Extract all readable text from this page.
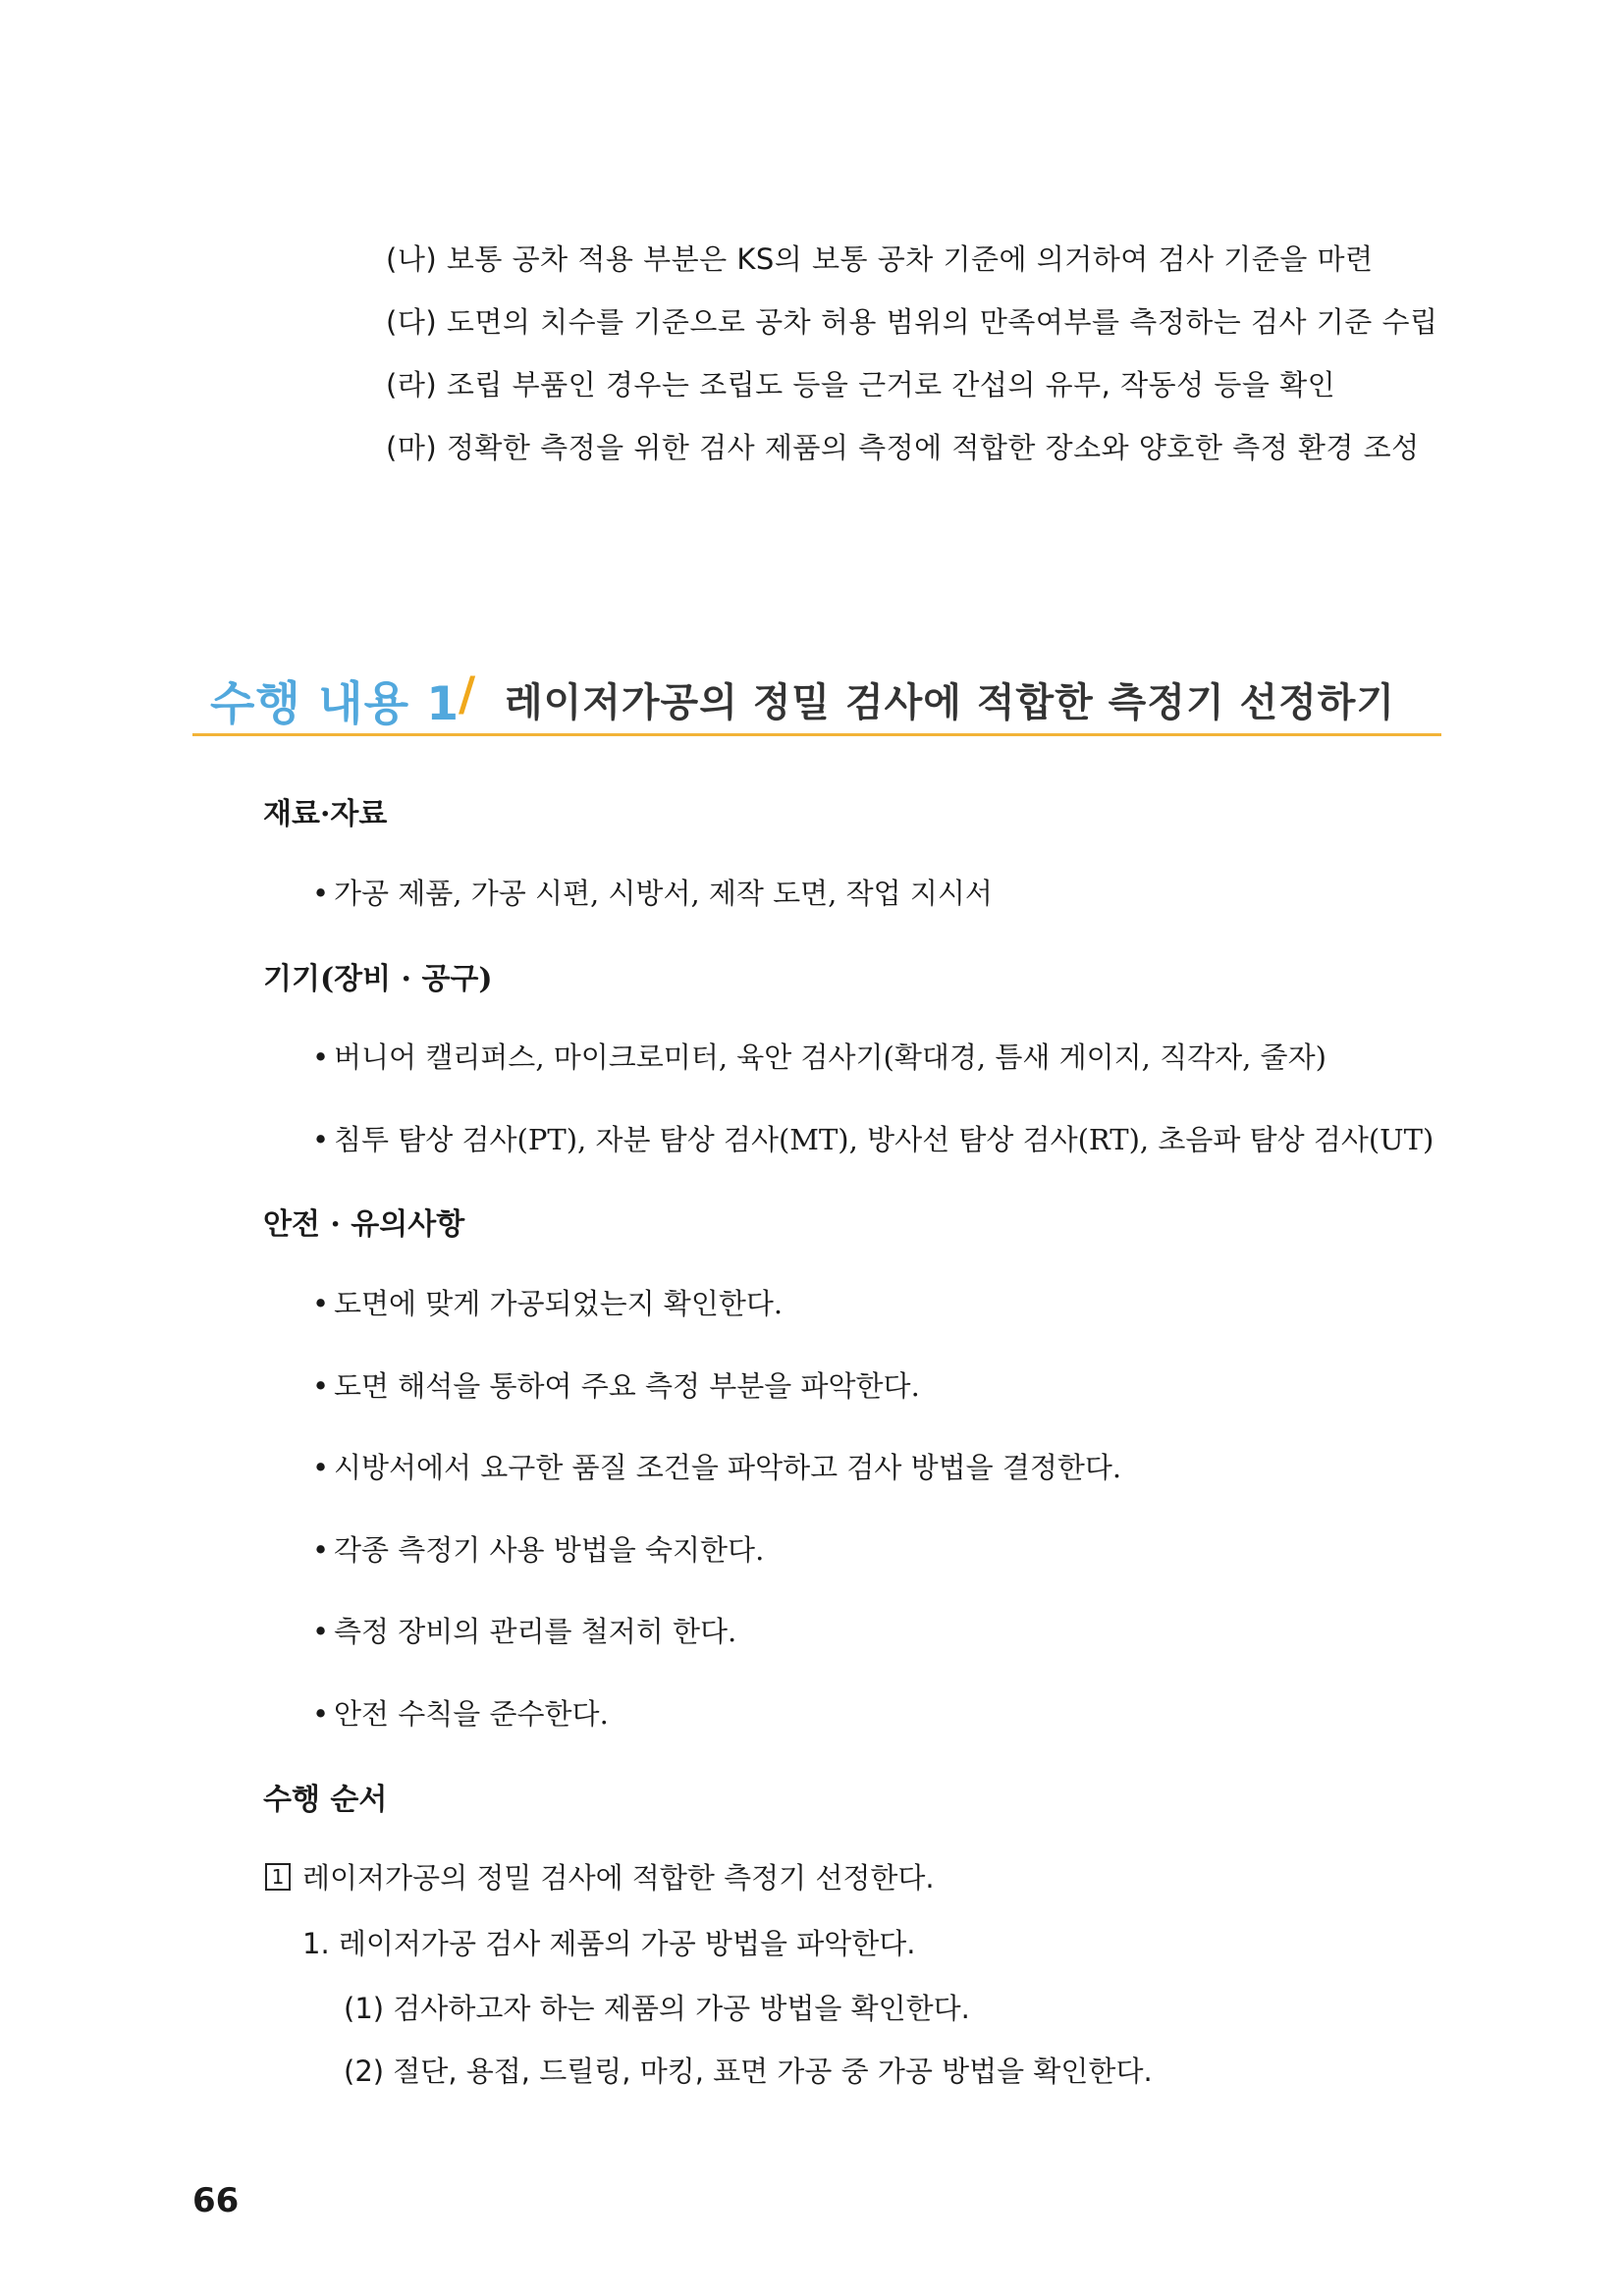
(나) 보통 공차 적용 부분은 KS의 보통 공차 기준에 의거하여 검사 기준을 마련
(다) 도면의 치수를 기준으로 공차 허용 범위의 만족여부를 측정하는 검사 기준 수립
(라) 조립 부품인 경우는 조립도 등을 근거로 간섭의 유무, 작동성 등을 확인
(마) 정확한 측정을 위한 검사 제품의 측정에 적합한 장소와 양호한 측정 환경 조성
수행 내용 1
/ 레이저가공의 정밀 검사에 적합한 측정기 선정하기
재료·자료
• 가공 제품, 가공 시편, 시방서, 제작 도면, 작업 지시서
기기(장비 · 공구)
• 버니어 캘리퍼스, 마이크로미터, 육안 검사기(확대경, 틈새 게이지, 직각자, 줄자)
• 침투 탐상 검사(PT), 자분 탐상 검사(MT), 방사선 탐상 검사(RT), 초음파 탐상 검사(UT)
안전 · 유의사항
• 도면에 맞게 가공되었는지 확인한다.
• 도면 해석을 통하여 주요 측정 부분을 파악한다.
• 시방서에서 요구한 품질 조건을 파악하고 검사 방법을 결정한다.
• 각종 측정기 사용 방법을 숙지한다.
• 측정 장비의 관리를 철저히 한다.
• 안전 수칙을 준수한다.
수행 순서
1 레이저가공의 정밀 검사에 적합한 측정기 선정한다.
1. 레이저가공 검사 제품의 가공 방법을 파악한다.
(1) 검사하고자 하는 제품의 가공 방법을 확인한다.
(2) 절단, 용접, 드릴링, 마킹, 표면 가공 중 가공 방법을 확인한다.
66
